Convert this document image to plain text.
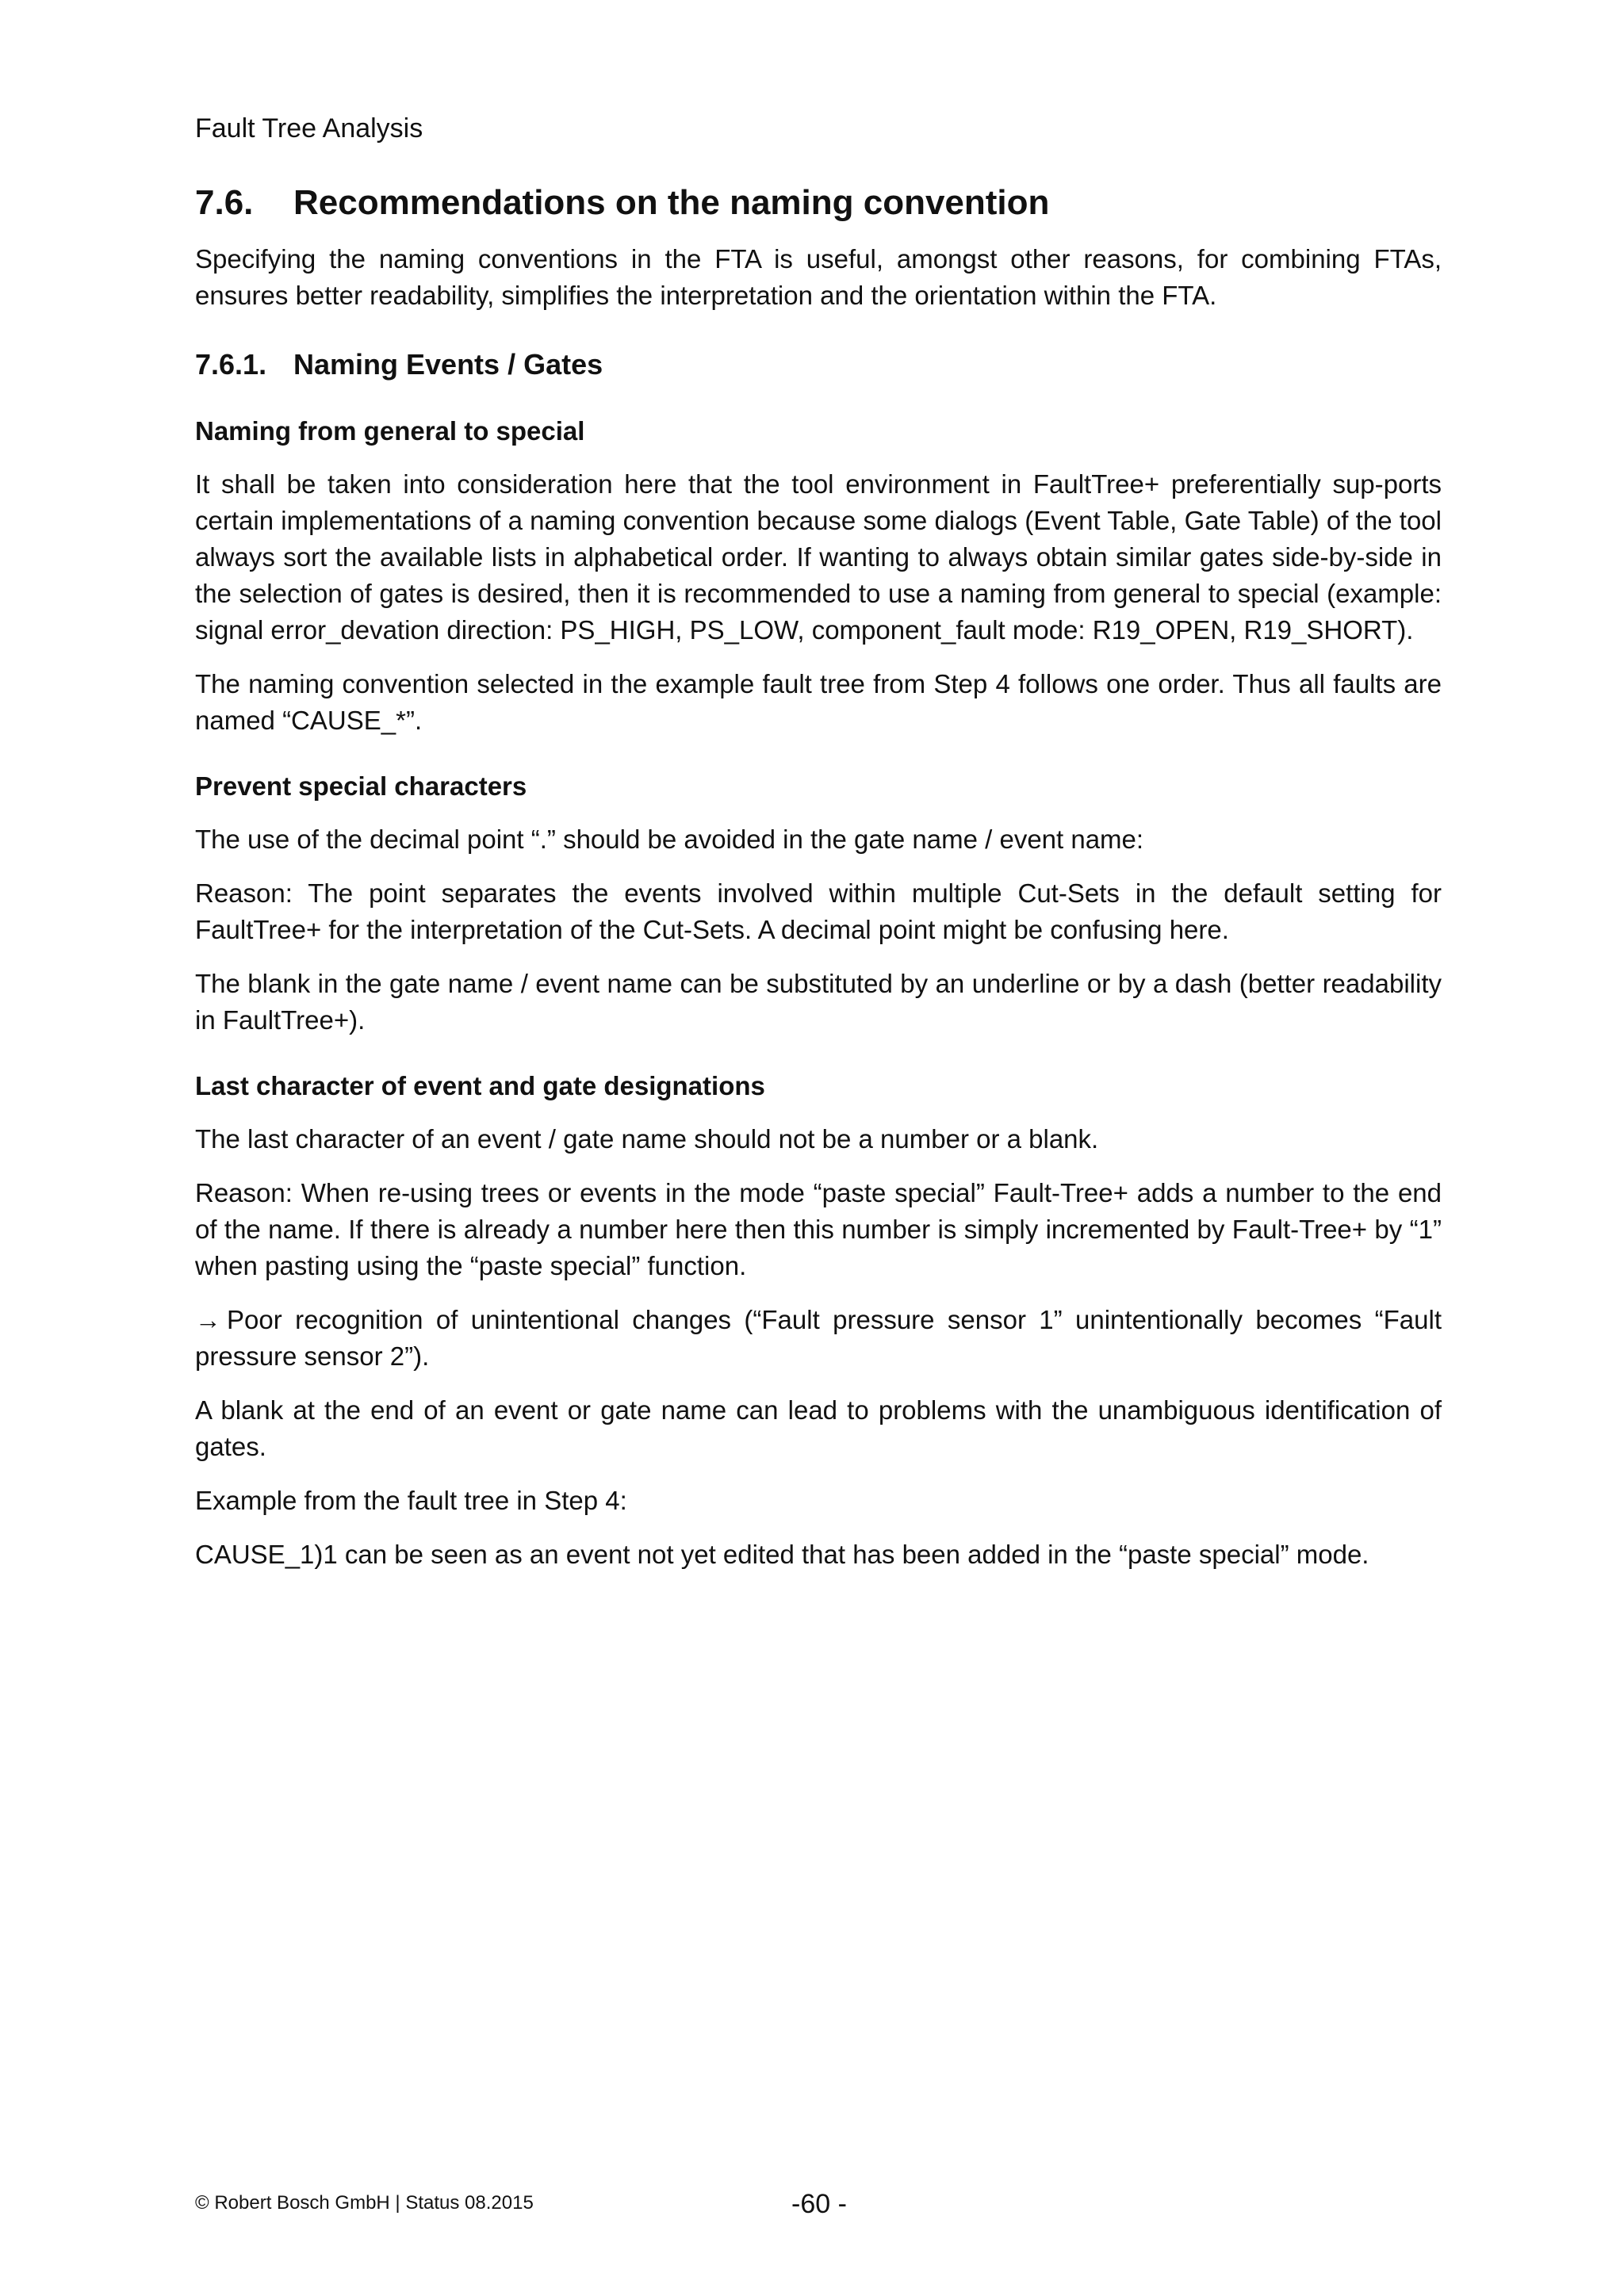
Fault Tree Analysis
7.6.	Recommendations on the naming convention

Specifying the naming conventions in the FTA is useful, amongst other reasons, for combining FTAs, ensures better readability, simplifies the interpretation and the orientation within the FTA.

7.6.1. Naming Events / Gates
Naming from general to special

It shall be taken into consideration here that the tool environment in FaultTree+ preferentially sup-ports certain implementations of a naming convention because some dialogs (Event Table, Gate Table) of the tool always sort the available lists in alphabetical order. If wanting to always obtain similar gates side-by-side in the selection of gates is desired, then it is recommended to use a naming from general to special (example: signal error_devation direction: PS_HIGH, PS_LOW, component_fault mode: R19_OPEN, R19_SHORT).

The naming convention selected in the example fault tree from Step 4 follows one order. Thus all faults are named “CAUSE_*”.

Prevent special characters

The use of the decimal point “.” should be avoided in the gate name / event name:

Reason: The point separates the events involved within multiple Cut-Sets in the default setting for FaultTree+ for the interpretation of the Cut-Sets. A decimal point might be confusing here.

The blank in the gate name / event name can be substituted by an underline or by a dash (better readability in FaultTree+).

Last character of event and gate designations

The last character of an event / gate name should not be a number or a blank.

Reason: When re-using trees or events in the mode “paste special” Fault-Tree+ adds a number to the end of the name. If there is already a number here then this number is simply incremented by Fault-Tree+ by “1” when pasting using the “paste special” function.

→ Poor recognition of unintentional changes (“Fault pressure sensor 1” unintentionally becomes “Fault pressure sensor 2”).

A blank at the end of an event or gate name can lead to problems with the unambiguous identification of gates.

Example from the fault tree in Step 4:

CAUSE_1)1 can be seen as an event not yet edited that has been added in the “paste special” mode.

© Robert Bosch GmbH | Status 08.2015	-60 -
